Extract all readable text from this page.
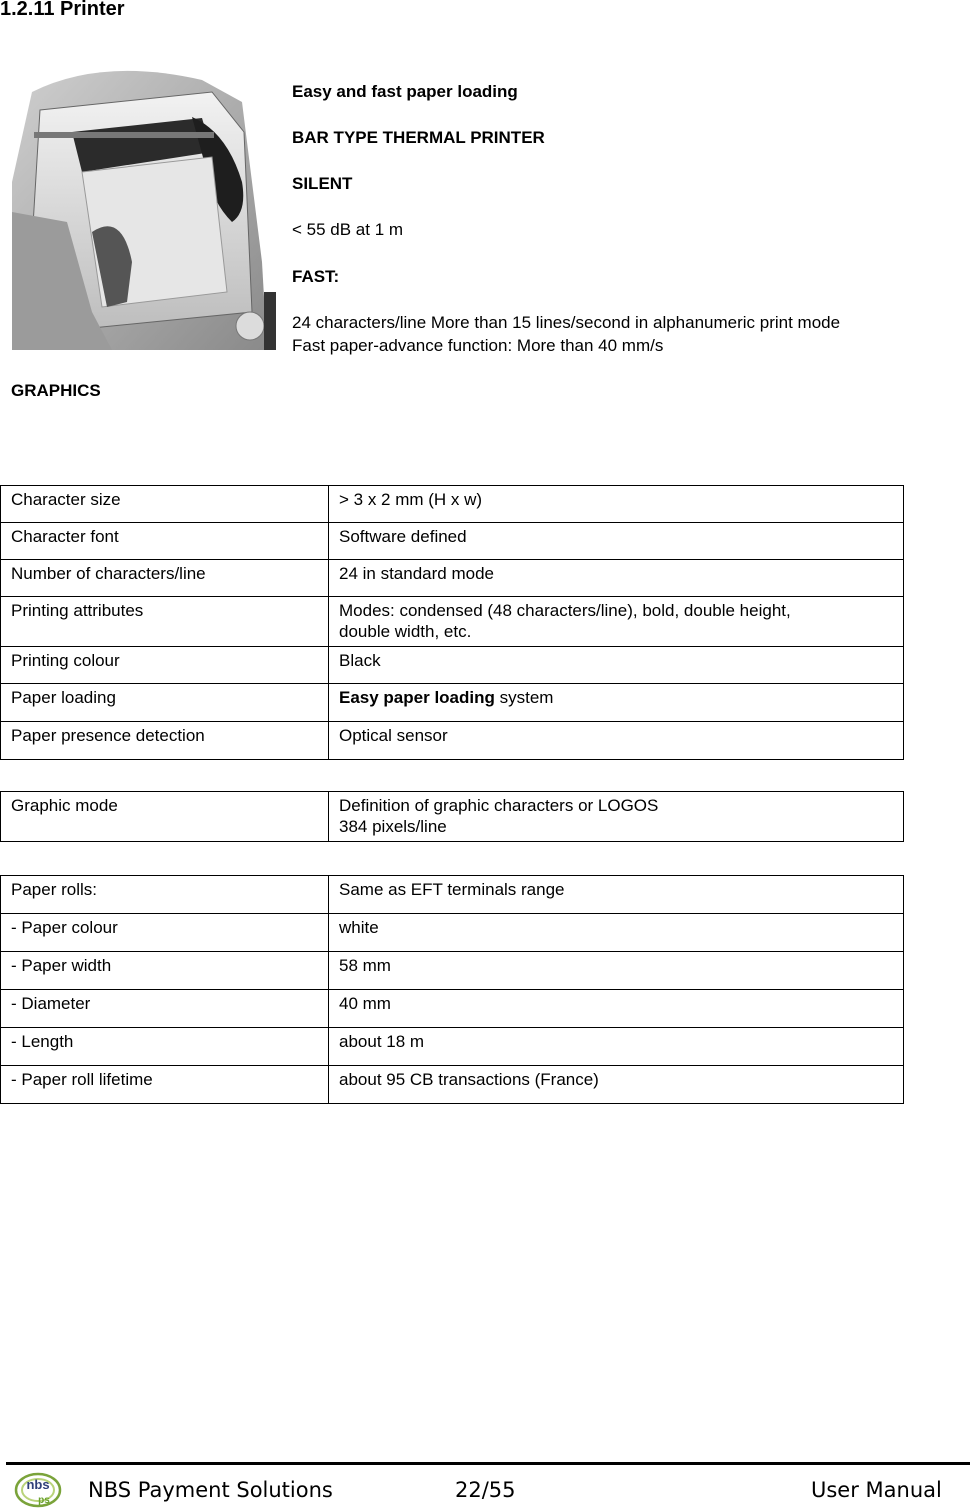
1.2.11 Printer
Easy and fast paper loading
BAR TYPE THERMAL PRINTER
SILENT
< 55 dB at 1 m
FAST:
24 characters/line More than 15 lines/second in alphanumeric print mode
Fast paper-advance function: More than 40 mm/s
GRAPHICS
Character size	> 3 x 2 mm (H x w)
Character font	Software defined
Number of characters/line	24 in standard mode
Printing attributes	Modes: condensed (48 characters/line), bold, double height,
double width, etc.
Printing colour	Black
Paper loading	Easy paper loading system
Paper presence detection	Optical sensor
Graphic mode	Definition of graphic characters or LOGOS
384 pixels/line
Paper rolls:	Same as EFT terminals range
- Paper colour	white
- Paper width	58 mm
- Diameter	40 mm
- Length	about 18 m
- Paper roll lifetime	about 95 CB transactions (France)
nbs
ps NBS Payment Solutions	22/55	User Manual
